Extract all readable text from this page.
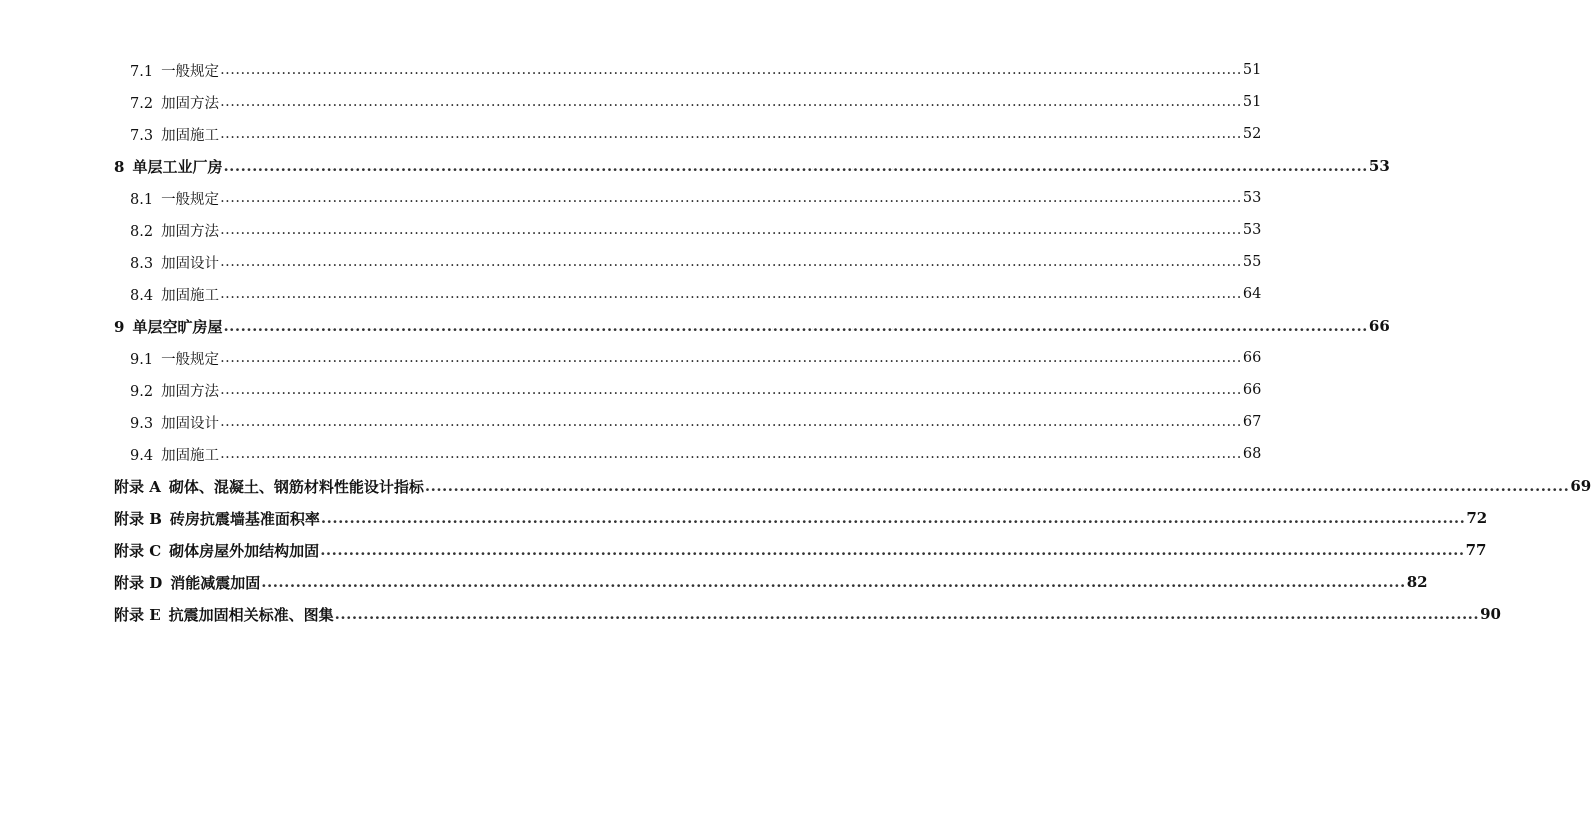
7.1 一般规定 ........................................................................................................................................................................................................ 51
7.2 加固方法 ........................................................................................................................................................................................................ 51
7.3 加固施工 ........................................................................................................................................................................................................ 52
8 单层工业厂房 ........................................................................................................................................................................................................ 53
8.1 一般规定 ........................................................................................................................................................................................................ 53
8.2 加固方法 ........................................................................................................................................................................................................ 53
8.3 加固设计 ........................................................................................................................................................................................................ 55
8.4 加固施工 ........................................................................................................................................................................................................ 64
9 单层空旷房屋 ........................................................................................................................................................................................................ 66
9.1 一般规定 ........................................................................................................................................................................................................ 66
9.2 加固方法 ........................................................................................................................................................................................................ 66
9.3 加固设计 ........................................................................................................................................................................................................ 67
9.4 加固施工 ........................................................................................................................................................................................................ 68
附录 A 砌体、混凝土、钢筋材料性能设计指标 ........................................................................................................................................................................................................ 69
附录 B 砖房抗震墙基准面积率 ........................................................................................................................................................................................................ 72
附录 C 砌体房屋外加结构加固 ........................................................................................................................................................................................................ 77
附录 D 消能减震加固 ........................................................................................................................................................................................................ 82
附录 E 抗震加固相关标准、图集 ........................................................................................................................................................................................................ 90
